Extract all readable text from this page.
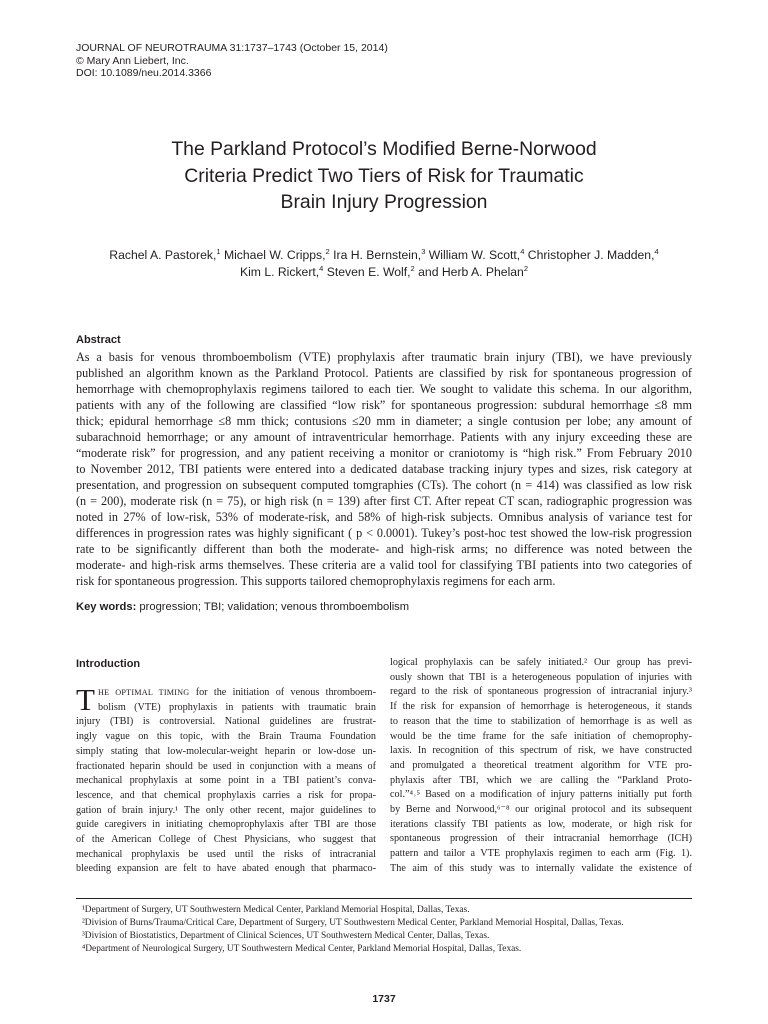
JOURNAL OF NEUROTRAUMA 31:1737–1743 (October 15, 2014)
© Mary Ann Liebert, Inc.
DOI: 10.1089/neu.2014.3366
The Parkland Protocol’s Modified Berne-Norwood
Criteria Predict Two Tiers of Risk for Traumatic
Brain Injury Progression
Rachel A. Pastorek,$^1$ Michael W. Cripps,$^2$ Ira H. Bernstein,$^3$ William W. Scott,$^4$ Christopher J. Madden,$^4$
Kim L. Rickert,$^4$ Steven E. Wolf,$^2$ and Herb A. Phelan$^2$
Abstract
As a basis for venous thromboembolism (VTE) prophylaxis after traumatic brain injury (TBI), we have previously
published an algorithm known as the Parkland Protocol. Patients are classified by risk for spontaneous progression of
hemorrhage with chemoprophylaxis regimens tailored to each tier. We sought to validate this schema. In our algorithm,
patients with any of the following are classified “low risk” for spontaneous progression: subdural hemorrhage ≤8 mm
thick; epidural hemorrhage ≤8 mm thick; contusions ≤20 mm in diameter; a single contusion per lobe; any amount of
subarachnoid hemorrhage; or any amount of intraventricular hemorrhage. Patients with any injury exceeding these are
“moderate risk” for progression, and any patient receiving a monitor or craniotomy is “high risk.” From February 2010
to November 2012, TBI patients were entered into a dedicated database tracking injury types and sizes, risk category at
presentation, and progression on subsequent computed tomgraphies (CTs). The cohort (n = 414) was classified as low risk
(n = 200), moderate risk (n = 75), or high risk (n = 139) after first CT. After repeat CT scan, radiographic progression was
noted in 27% of low-risk, 53% of moderate-risk, and 58% of high-risk subjects. Omnibus analysis of variance test for
differences in progression rates was highly significant ( p < 0.0001). Tukey’s post-hoc test showed the low-risk progression
rate to be significantly different than both the moderate- and high-risk arms; no difference was noted between the
moderate- and high-risk arms themselves. These criteria are a valid tool for classifying TBI patients into two categories of
risk for spontaneous progression. This supports tailored chemoprophylaxis regimens for each arm.
Key words: progression; TBI; validation; venous thromboembolism
Introduction
T HE OPTIMAL TIMING for the initiation of venous thromboem-
bolism (VTE) prophylaxis in patients with traumatic brain
injury (TBI) is controversial. National guidelines are frustrat-
ingly vague on this topic, with the Brain Trauma Foundation
simply stating that low-molecular-weight heparin or low-dose un-
fractionated heparin should be used in conjunction with a means of
mechanical prophylaxis at some point in a TBI patient’s conva-
lescence, and that chemical prophylaxis carries a risk for propa-
gation of brain injury.¹ The only other recent, major guidelines to
guide caregivers in initiating chemoprophylaxis after TBI are those
of the American College of Chest Physicians, who suggest that
mechanical prophylaxis be used until the risks of intracranial
bleeding expansion are felt to have abated enough that pharmaco-
logical prophylaxis can be safely initiated.² Our group has previ-
ously shown that TBI is a heterogeneous population of injuries with
regard to the risk of spontaneous progression of intracranial injury.³
If the risk for expansion of hemorrhage is heterogeneous, it stands
to reason that the time to stabilization of hemorrhage is as well as
would be the time frame for the safe initiation of chemoprophy-
laxis. In recognition of this spectrum of risk, we have constructed
and promulgated a theoretical treatment algorithm for VTE pro-
phylaxis after TBI, which we are calling the “Parkland Proto-
col.”⁴˒⁵ Based on a modification of injury patterns initially put forth
by Berne and Norwood,⁶⁻⁸ our original protocol and its subsequent
iterations classify TBI patients as low, moderate, or high risk for
spontaneous progression of their intracranial hemorrhage (ICH)
pattern and tailor a VTE prophylaxis regimen to each arm (Fig. 1).
The aim of this study was to internally validate the existence of
¹Department of Surgery, UT Southwestern Medical Center, Parkland Memorial Hospital, Dallas, Texas.
²Division of Burns/Trauma/Critical Care, Department of Surgery, UT Southwestern Medical Center, Parkland Memorial Hospital, Dallas, Texas.
³Division of Biostatistics, Department of Clinical Sciences, UT Southwestern Medical Center, Dallas, Texas.
⁴Department of Neurological Surgery, UT Southwestern Medical Center, Parkland Memorial Hospital, Dallas, Texas.
1737
